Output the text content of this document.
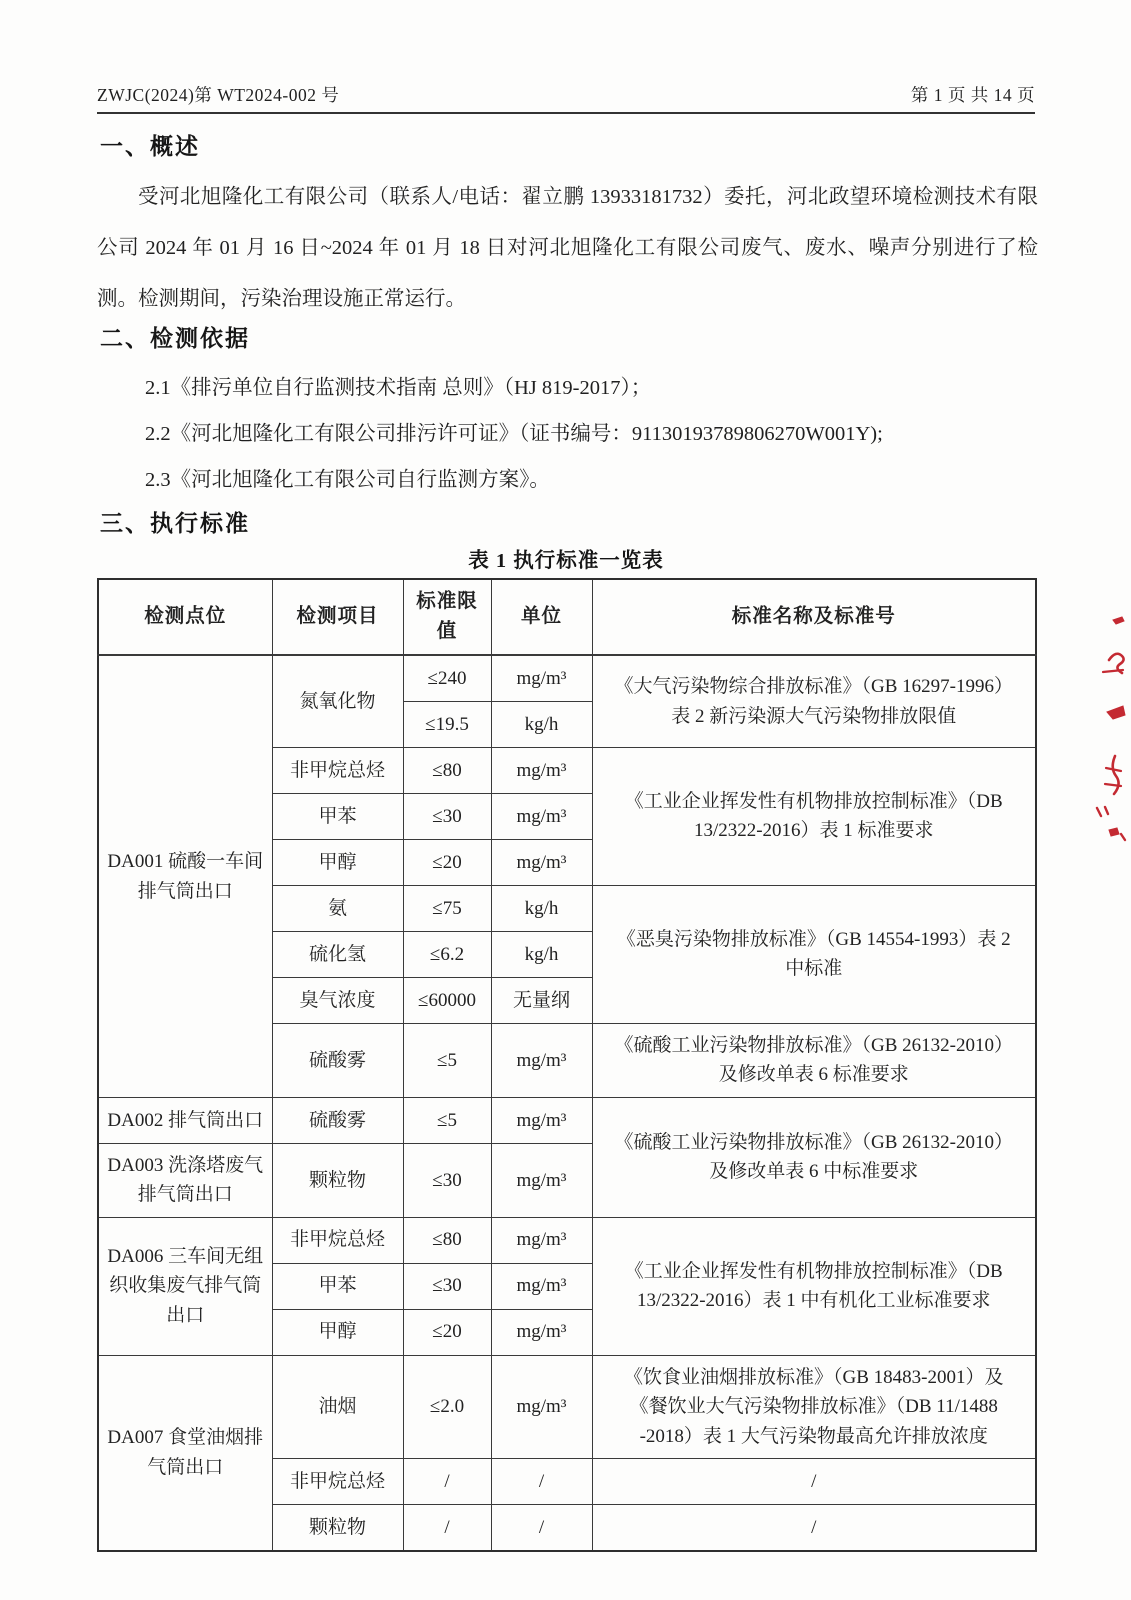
ZWJC(2024)第 WT2024-002 号	第 1 页 共 14 页
一、概述
受河北旭隆化工有限公司（联系人/电话：翟立鹏 13933181732）委托，河北政望环境检测技术有限公司 2024 年 01 月 16 日~2024 年 01 月 18 日对河北旭隆化工有限公司废气、废水、噪声分别进行了检测。检测期间，污染治理设施正常运行。
二、检测依据
2.1《排污单位自行监测技术指南 总则》（HJ 819-2017）；
2.2《河北旭隆化工有限公司排污许可证》（证书编号：91130193789806270W001Y);
2.3《河北旭隆化工有限公司自行监测方案》。
三、执行标准
表 1 执行标准一览表
检测点位	检测项目	标准限值	单位	标准名称及标准号
DA001 硫酸一车间排气筒出口	氮氧化物	≤240	mg/m³	《大气污染物综合排放标准》（GB 16297-1996）表 2 新污染源大气污染物排放限值
		≤19.5	kg/h	
	非甲烷总烃	≤80	mg/m³	《工业企业挥发性有机物排放控制标准》（DB 13/2322-2016）表 1 标准要求
	甲苯	≤30	mg/m³	
	甲醇	≤20	mg/m³	
	氨	≤75	kg/h	《恶臭污染物排放标准》（GB 14554-1993）表 2 中标准
	硫化氢	≤6.2	kg/h	
	臭气浓度	≤60000	无量纲	
	硫酸雾	≤5	mg/m³	《硫酸工业污染物排放标准》（GB 26132-2010）及修改单表 6 标准要求
DA002 排气筒出口	硫酸雾	≤5	mg/m³	《硫酸工业污染物排放标准》（GB 26132-2010）及修改单表 6 中标准要求
DA003 洗涤塔废气排气筒出口	颗粒物	≤30	mg/m³	
DA006 三车间无组织收集废气排气筒出口	非甲烷总烃	≤80	mg/m³	《工业企业挥发性有机物排放控制标准》（DB 13/2322-2016）表 1 中有机化工业标准要求
	甲苯	≤30	mg/m³	
	甲醇	≤20	mg/m³	
DA007 食堂油烟排气筒出口	油烟	≤2.0	mg/m³	《饮食业油烟排放标准》（GB 18483-2001）及《餐饮业大气污染物排放标准》（DB 11/1488 -2018）表 1 大气污染物最高允许排放浓度
	非甲烷总烃	/	/	/
	颗粒物	/	/	/
